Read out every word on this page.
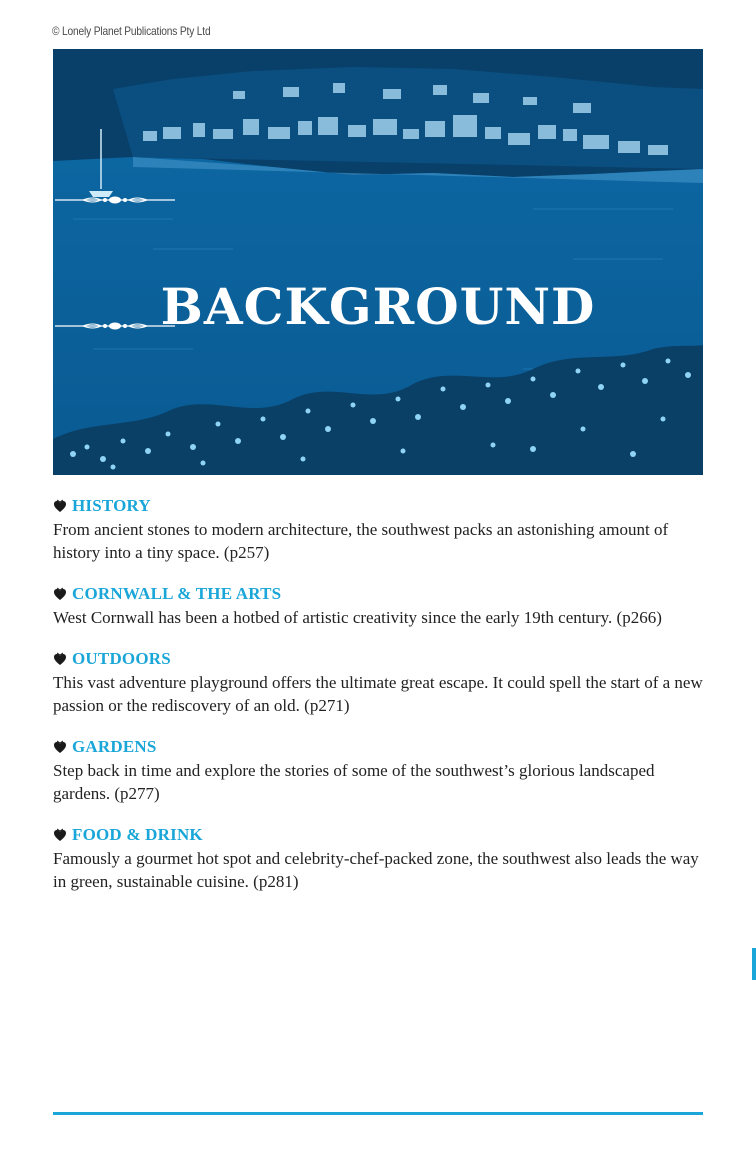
© Lonely Planet Publications Pty Ltd
BACKGROUND
HISTORY
From ancient stones to modern architecture, the southwest packs an astonishing amount of history into a tiny space. (p257)
CORNWALL & THE ARTS
West Cornwall has been a hotbed of artistic creativity since the early 19th century. (p266)
OUTDOORS
This vast adventure playground offers the ultimate great escape. It could spell the start of a new passion or the rediscovery of an old. (p271)
GARDENS
Step back in time and explore the stories of some of the southwest’s glorious landscaped gardens. (p277)
FOOD & DRINK
Famously a gourmet hot spot and celebrity-chef-packed zone, the southwest also leads the way in green, sustainable cuisine. (p281)
